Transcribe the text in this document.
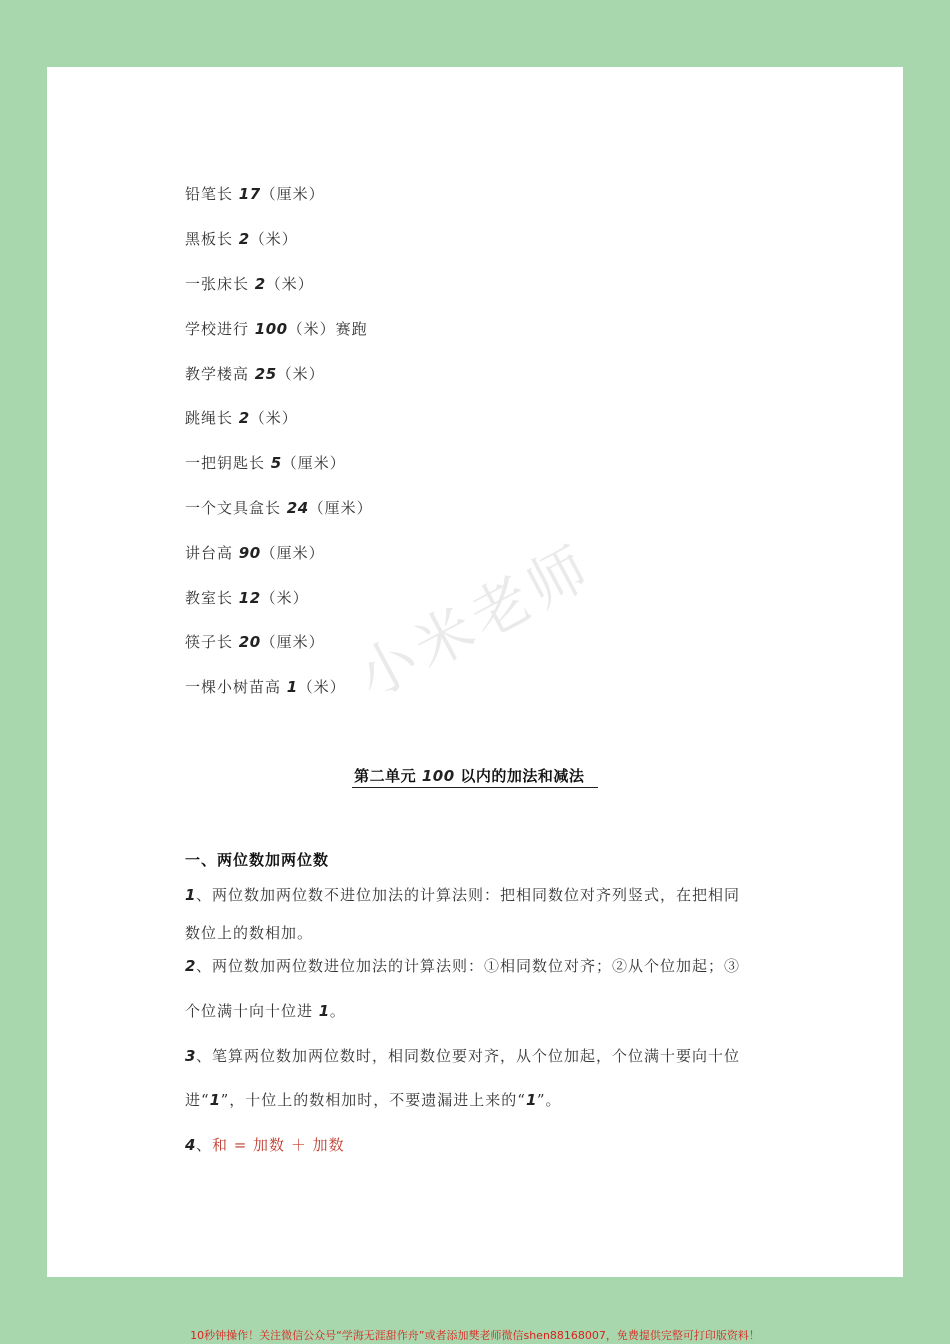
小米老师
铅笔长 17（厘米）
黑板长 2（米）
一张床长 2（米）
学校进行 100（米）赛跑
教学楼高 25（米）
跳绳长 2（米）
一把钥匙长 5（厘米）
一个文具盒长 24（厘米）
讲台高 90（厘米）
教室长 12（米）
筷子长 20（厘米）
一棵小树苗高 1（米）
第二单元 100 以内的加法和减法
一、两位数加两位数
1、两位数加两位数不进位加法的计算法则：把相同数位对齐列竖式，在把相同
数位上的数相加。
2、两位数加两位数进位加法的计算法则：①相同数位对齐；②从个位加起；③
个位满十向十位进 1。
3、笔算两位数加两位数时，相同数位要对齐，从个位加起，个位满十要向十位
进“1”，十位上的数相加时，不要遗漏进上来的“1”。
4、和 = 加数 ＋ 加数
10秒钟操作！关注微信公众号“学海无涯甜作舟”或者添加樊老师微信shen88168007，免费提供完整可打印版资料！
